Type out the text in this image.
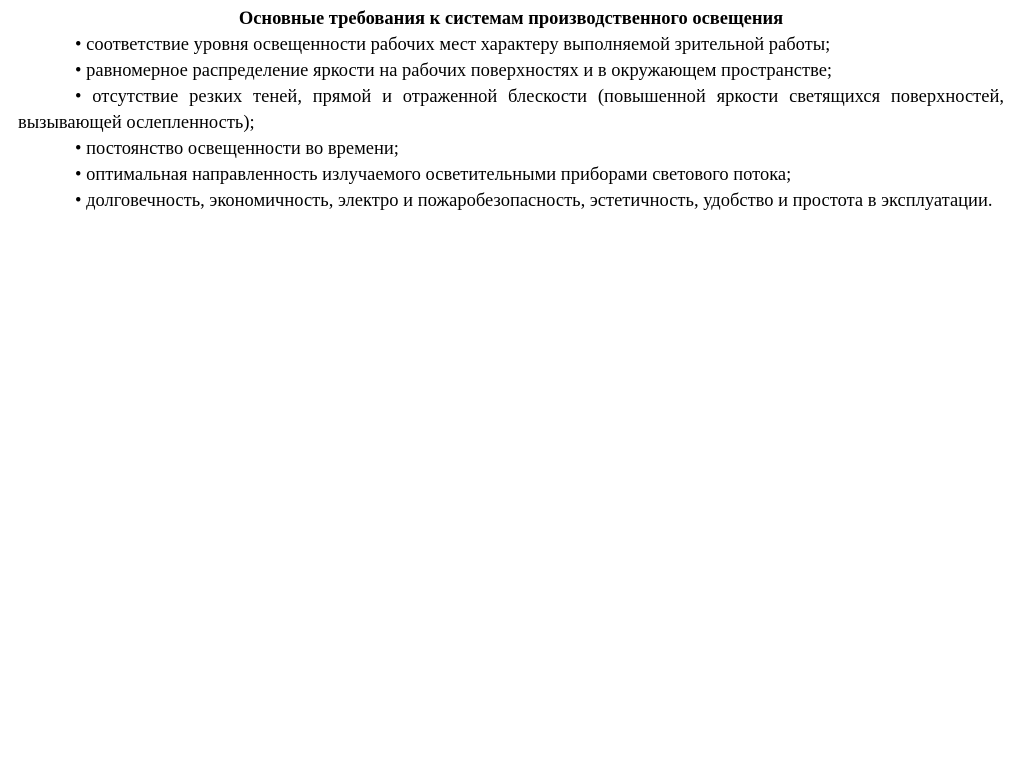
Основные требования к системам производственного освещения
• соответствие уровня освещенности рабочих мест характеру выполняемой зрительной работы;
• равномерное распределение яркости на рабочих поверхностях и в окружающем пространстве;
• отсутствие резких теней, прямой и отраженной блескости (повышенной яркости светящихся поверхностей, вызывающей ослепленность);
• постоянство освещенности во времени;
• оптимальная направленность излучаемого осветительными приборами светового потока;
• долговечность, экономичность, электро и пожаробезопасность, эстетичность, удобство и простота в эксплуатации.
